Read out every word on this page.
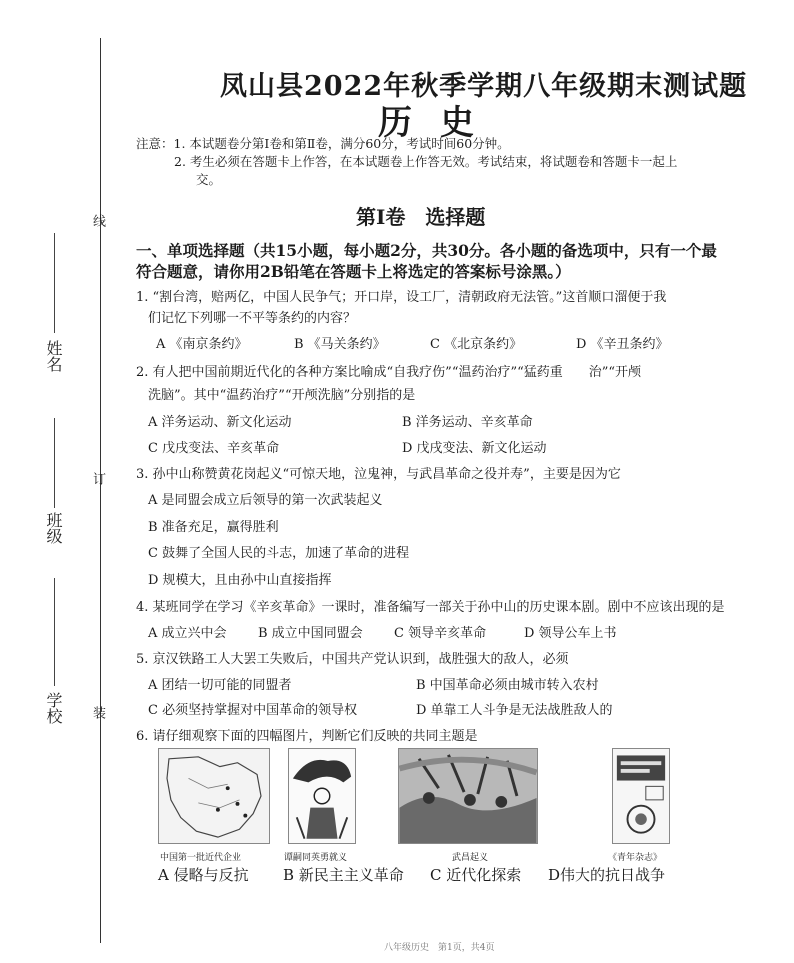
线
订
装
姓名
班级
学校
凤山县2022年秋季学期八年级期末测试题
历史
注意：1. 本试题卷分第Ⅰ卷和第Ⅱ卷，满分60分，考试时间60分钟。
2. 考生必须在答题卡上作答，在本试题卷上作答无效。考试结束，将试题卷和答题卡一起上
交。
第Ⅰ卷　选择题
一、单项选择题（共15小题，每小题2分，共30分。各小题的备选项中，只有一个最
符合题意，请你用2B铅笔在答题卡上将选定的答案标号涂黑。）
1. “割台湾，赔两亿，中国人民争气；开口岸，设工厂，清朝政府无法管。”这首顺口溜便于我
们记忆下列哪一不平等条约的内容？
A 《南京条约》	B 《马关条约》	C 《北京条约》	D 《辛丑条约》
2. 有人把中国前期近代化的各种方案比喻成“自我疗伤”“温药治疗”“猛药重　　治”“开颅
洗脑”。其中“温药治疗”“开颅洗脑”分别指的是
A 洋务运动、新文化运动	B 洋务运动、辛亥革命
C 戊戌变法、辛亥革命	D 戊戌变法、新文化运动
3. 孙中山称赞黄花岗起义“可惊天地，泣鬼神，与武昌革命之役并寿”，主要是因为它
A 是同盟会成立后领导的第一次武装起义
B 准备充足，赢得胜利
C 鼓舞了全国人民的斗志，加速了革命的进程
D 规模大，且由孙中山直接指挥
4. 某班同学在学习《辛亥革命》一课时，准备编写一部关于孙中山的历史课本剧。剧中不应该出现的是
A 成立兴中会 B 成立中国同盟会 C 领导辛亥革命	D 领导公车上书
5. 京汉铁路工人大罢工失败后，中国共产党认识到，战胜强大的敌人，必须
A 团结一切可能的同盟者	B 中国革命必须由城市转入农村
C 必须坚持掌握对中国革命的领导权	D 单靠工人斗争是无法战胜敌人的
6. 请仔细观察下面的四幅图片，判断它们反映的共同主题是
中国第一批近代企业	谭嗣同英勇就义	武昌起义	《青年杂志》
A 侵略与反抗 B 新民主主义革命 C 近代化探索 D伟大的抗日战争
八年级历史　第1页，共4页
